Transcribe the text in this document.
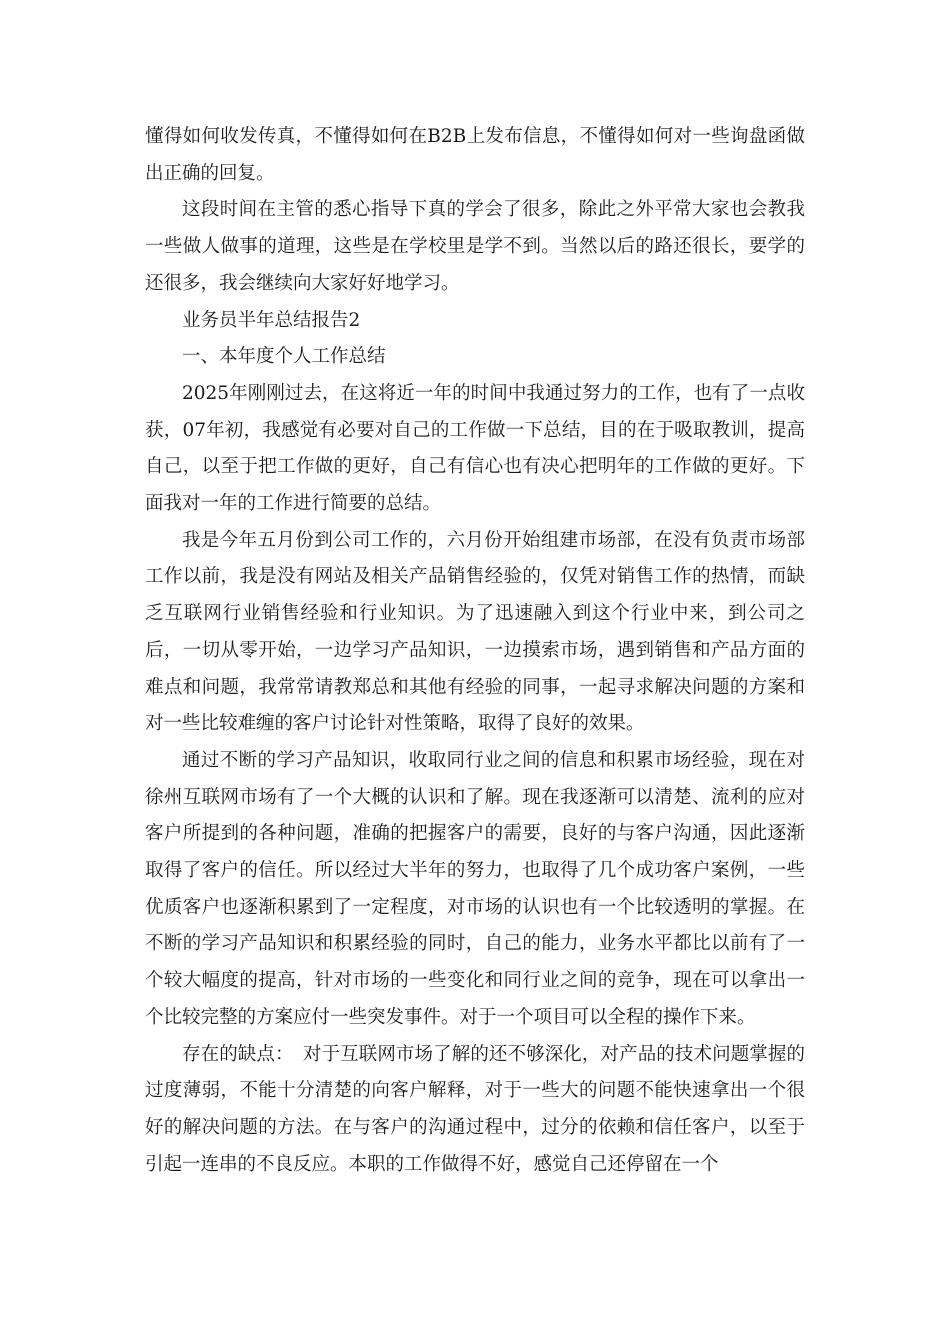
懂得如何收发传真，不懂得如何在B2B上发布信息，不懂得如何对一些询盘函做出正确的回复。

这段时间在主管的悉心指导下真的学会了很多，除此之外平常大家也会教我一些做人做事的道理，这些是在学校里是学不到。当然以后的路还很长，要学的还很多，我会继续向大家好好地学习。

业务员半年总结报告2

一、本年度个人工作总结

2025年刚刚过去，在这将近一年的时间中我通过努力的工作，也有了一点收获，07年初，我感觉有必要对自己的工作做一下总结，目的在于吸取教训，提高自己，以至于把工作做的更好，自己有信心也有决心把明年的工作做的更好。下面我对一年的工作进行简要的总结。

我是今年五月份到公司工作的，六月份开始组建市场部，在没有负责市场部工作以前，我是没有网站及相关产品销售经验的，仅凭对销售工作的热情，而缺乏互联网行业销售经验和行业知识。为了迅速融入到这个行业中来，到公司之后，一切从零开始，一边学习产品知识，一边摸索市场，遇到销售和产品方面的难点和问题，我常常请教郑总和其他有经验的同事，一起寻求解决问题的方案和对一些比较难缠的客户讨论针对性策略，取得了良好的效果。

通过不断的学习产品知识，收取同行业之间的信息和积累市场经验，现在对徐州互联网市场有了一个大概的认识和了解。现在我逐渐可以清楚、流利的应对客户所提到的各种问题，准确的把握客户的需要，良好的与客户沟通，因此逐渐取得了客户的信任。所以经过大半年的努力，也取得了几个成功客户案例，一些优质客户也逐渐积累到了一定程度，对市场的认识也有一个比较透明的掌握。在不断的学习产品知识和积累经验的同时，自己的能力，业务水平都比以前有了一个较大幅度的提高，针对市场的一些变化和同行业之间的竞争，现在可以拿出一个比较完整的方案应付一些突发事件。对于一个项目可以全程的操作下来。

存在的缺点：　对于互联网市场了解的还不够深化，对产品的技术问题掌握的过度薄弱，不能十分清楚的向客户解释，对于一些大的问题不能快速拿出一个很好的解决问题的方法。在与客户的沟通过程中，过分的依赖和信任客户，以至于引起一连串的不良反应。本职的工作做得不好，感觉自己还停留在一个
